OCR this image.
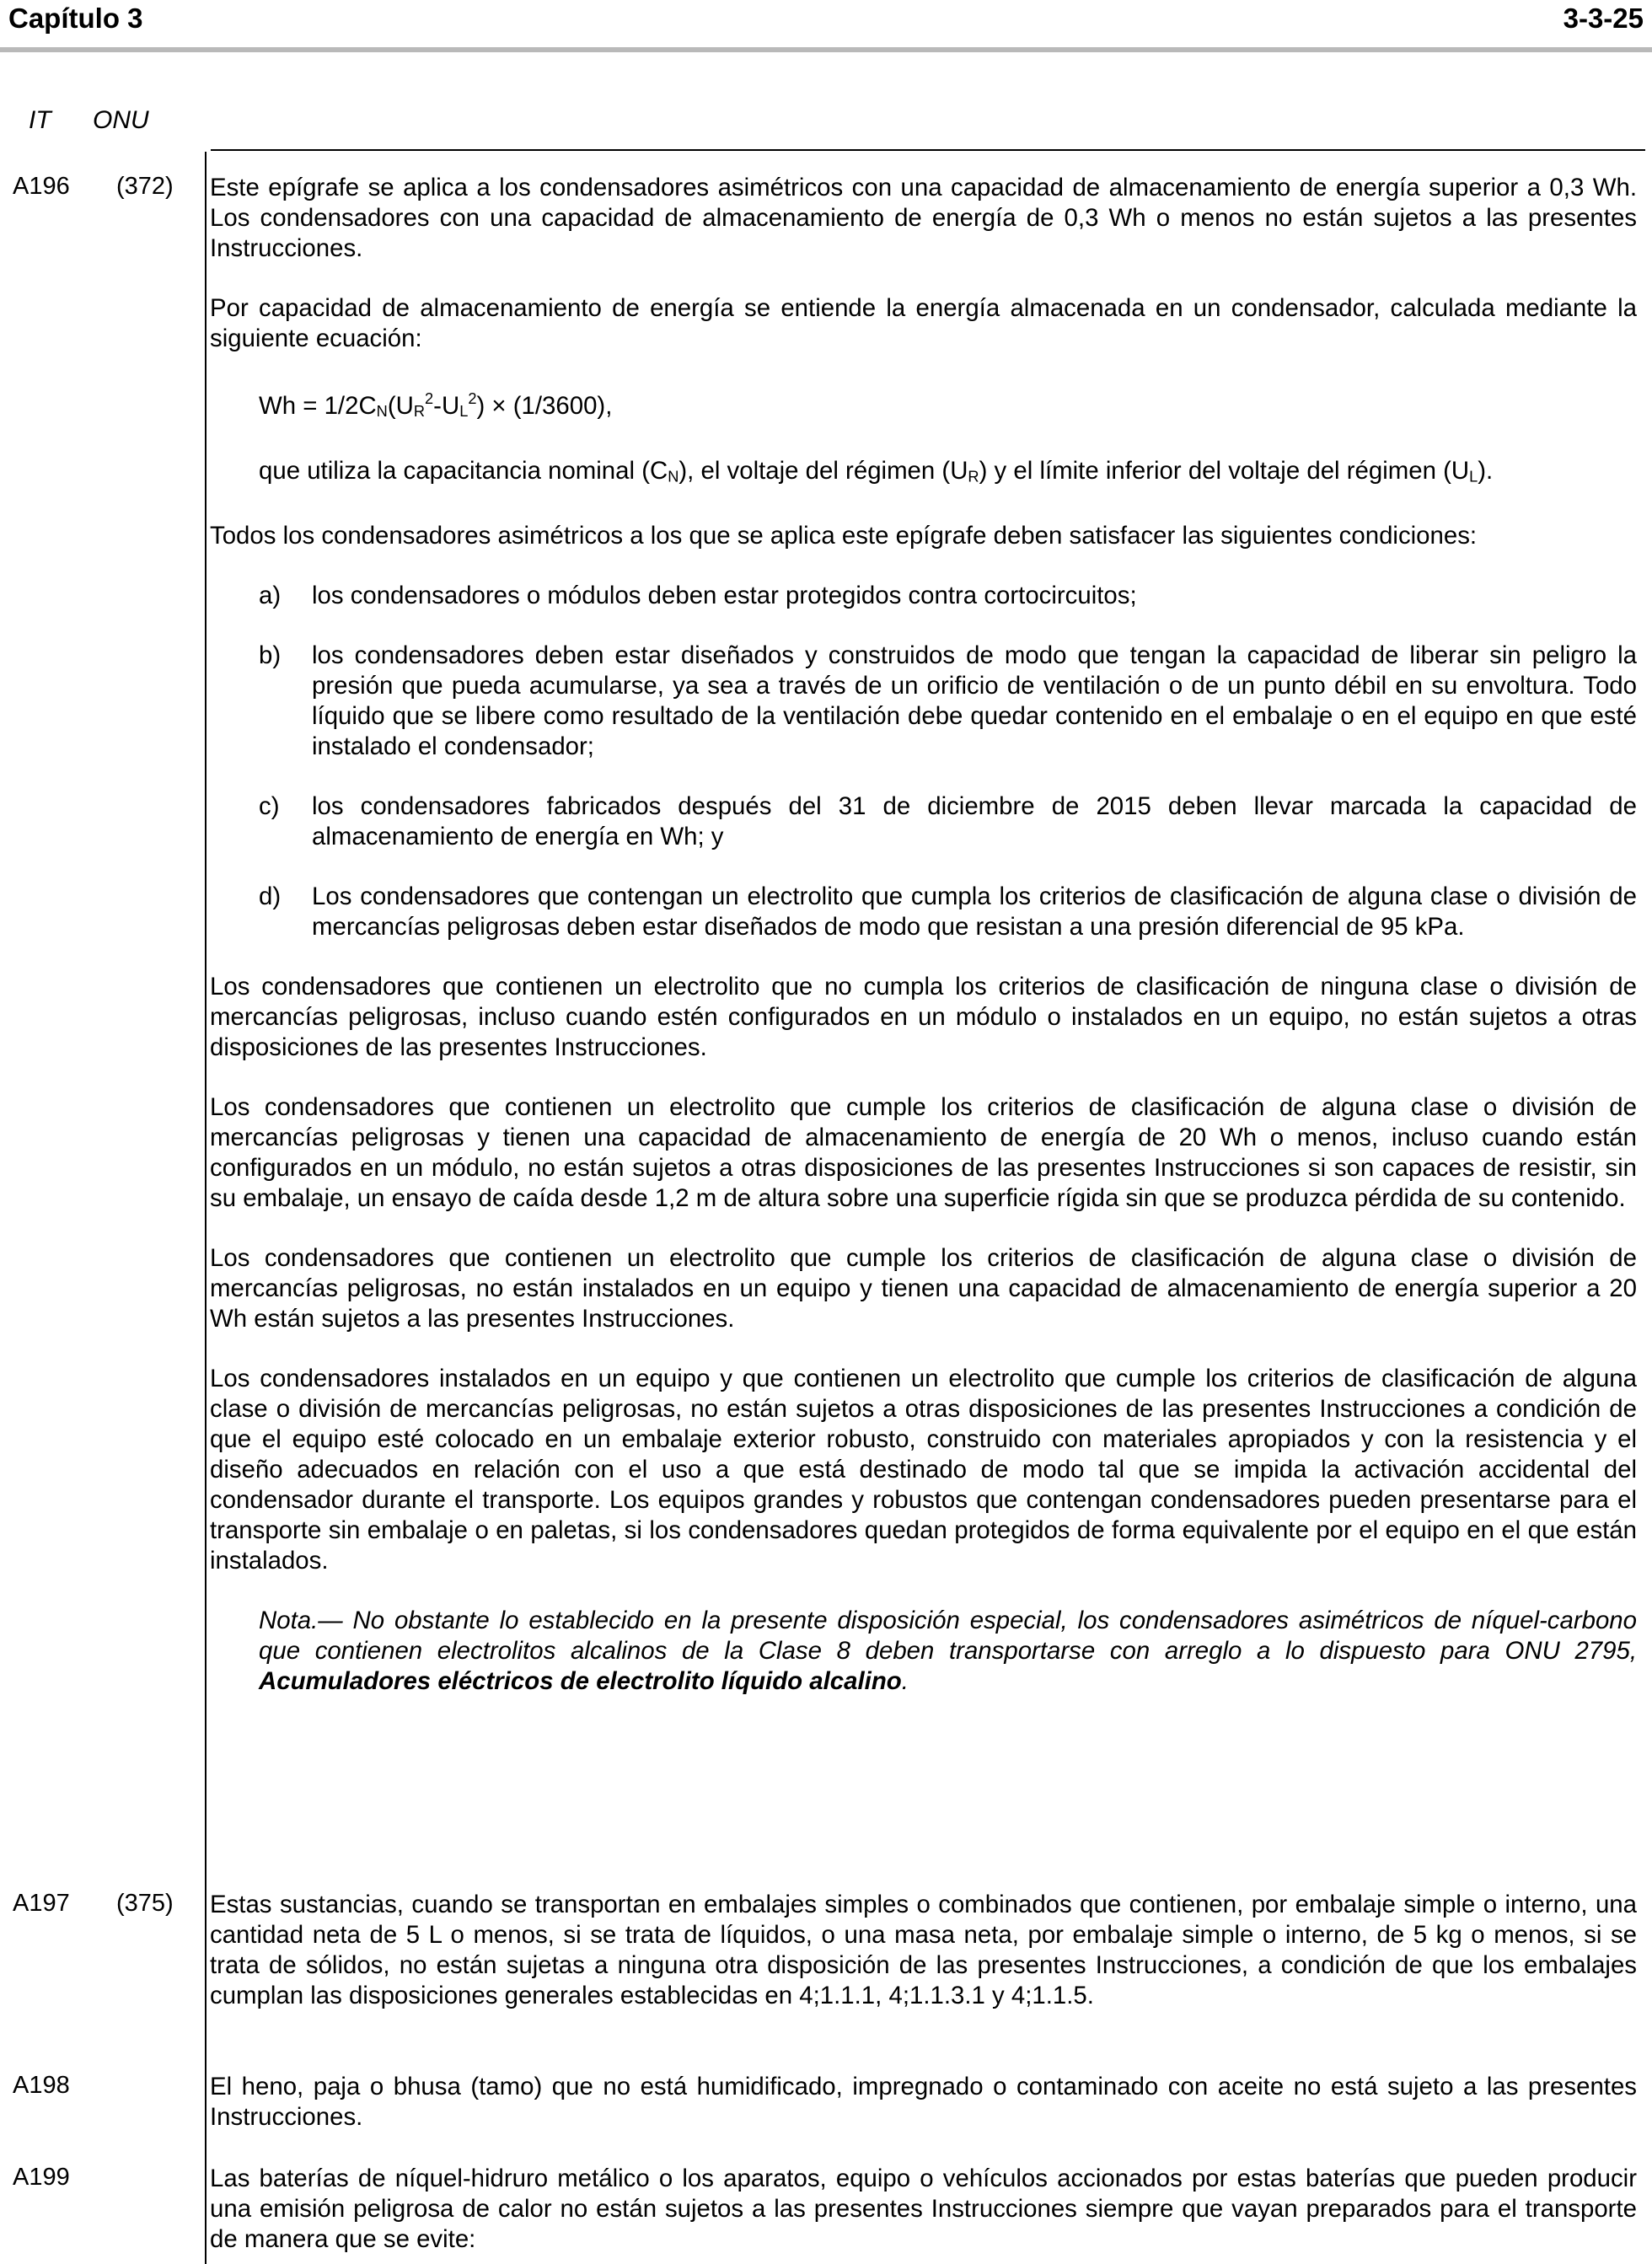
Capítulo 3	3-3-25
IT ONU
A196 (372) Este epígrafe se aplica a los condensadores asimétricos con una capacidad de almacenamiento de energía superior a 0,3 Wh. Los condensadores con una capacidad de almacenamiento de energía de 0,3 Wh o menos no están sujetos a las presentes Instrucciones.

Por capacidad de almacenamiento de energía se entiende la energía almacenada en un condensador, calculada mediante la siguiente ecuación:

$Wh = 1/2C_N(U_R^2-U_L^2) \times (1/3600)$,

que utiliza la capacitancia nominal $(C_N)$, el voltaje del régimen $(U_R)$ y el límite inferior del voltaje del régimen $(U_L)$.

Todos los condensadores asimétricos a los que se aplica este epígrafe deben satisfacer las siguientes condiciones:

a) los condensadores o módulos deben estar protegidos contra cortocircuitos;
b) los condensadores deben estar diseñados y construidos de modo que tengan la capacidad de liberar sin peligro la presión que pueda acumularse, ya sea a través de un orificio de ventilación o de un punto débil en su envoltura. Todo líquido que se libere como resultado de la ventilación debe quedar contenido en el embalaje o en el equipo en que esté instalado el condensador;
c) los condensadores fabricados después del 31 de diciembre de 2015 deben llevar marcada la capacidad de almacenamiento de energía en Wh; y
d) Los condensadores que contengan un electrolito que cumpla los criterios de clasificación de alguna clase o división de mercancías peligrosas deben estar diseñados de modo que resistan a una presión diferencial de 95 kPa.

Los condensadores que contienen un electrolito que no cumpla los criterios de clasificación de ninguna clase o división de mercancías peligrosas, incluso cuando estén configurados en un módulo o instalados en un equipo, no están sujetos a otras disposiciones de las presentes Instrucciones.

Los condensadores que contienen un electrolito que cumple los criterios de clasificación de alguna clase o división de mercancías peligrosas y tienen una capacidad de almacenamiento de energía de 20 Wh o menos, incluso cuando están configurados en un módulo, no están sujetos a otras disposiciones de las presentes Instrucciones si son capaces de resistir, sin su embalaje, un ensayo de caída desde 1,2 m de altura sobre una superficie rígida sin que se produzca pérdida de su contenido.

Los condensadores que contienen un electrolito que cumple los criterios de clasificación de alguna clase o división de mercancías peligrosas, no están instalados en un equipo y tienen una capacidad de almacenamiento de energía superior a 20 Wh están sujetos a las presentes Instrucciones.

Los condensadores instalados en un equipo y que contienen un electrolito que cumple los criterios de clasificación de alguna clase o división de mercancías peligrosas, no están sujetos a otras disposiciones de las presentes Instrucciones a condición de que el equipo esté colocado en un embalaje exterior robusto, construido con materiales apropiados y con la resistencia y el diseño adecuados en relación con el uso a que está destinado de modo tal que se impida la activación accidental del condensador durante el transporte. Los equipos grandes y robustos que contengan condensadores pueden presentarse para el transporte sin embalaje o en paletas, si los condensadores quedan protegidos de forma equivalente por el equipo en el que están instalados.

Nota.— No obstante lo establecido en la presente disposición especial, los condensadores asimétricos de níquel-carbono que contienen electrolitos alcalinos de la Clase 8 deben transportarse con arreglo a lo dispuesto para ONU 2795, Acumuladores eléctricos de electrolito líquido alcalino.

A197 (375) Estas sustancias, cuando se transportan en embalajes simples o combinados que contienen, por embalaje simple o interno, una cantidad neta de 5 L o menos, si se trata de líquidos, o una masa neta, por embalaje simple o interno, de 5 kg o menos, si se trata de sólidos, no están sujetas a ninguna otra disposición de las presentes Instrucciones, a condición de que los embalajes cumplan las disposiciones generales establecidas en 4;1.1.1, 4;1.1.3.1 y 4;1.1.5.

A198	El heno, paja o bhusa (tamo) que no está humidificado, impregnado o contaminado con aceite no está sujeto a las presentes Instrucciones.

A199	Las baterías de níquel-hidruro metálico o los aparatos, equipo o vehículos accionados por estas baterías que pueden producir una emisión peligrosa de calor no están sujetos a las presentes Instrucciones siempre que vayan preparados para el transporte de manera que se evite:
